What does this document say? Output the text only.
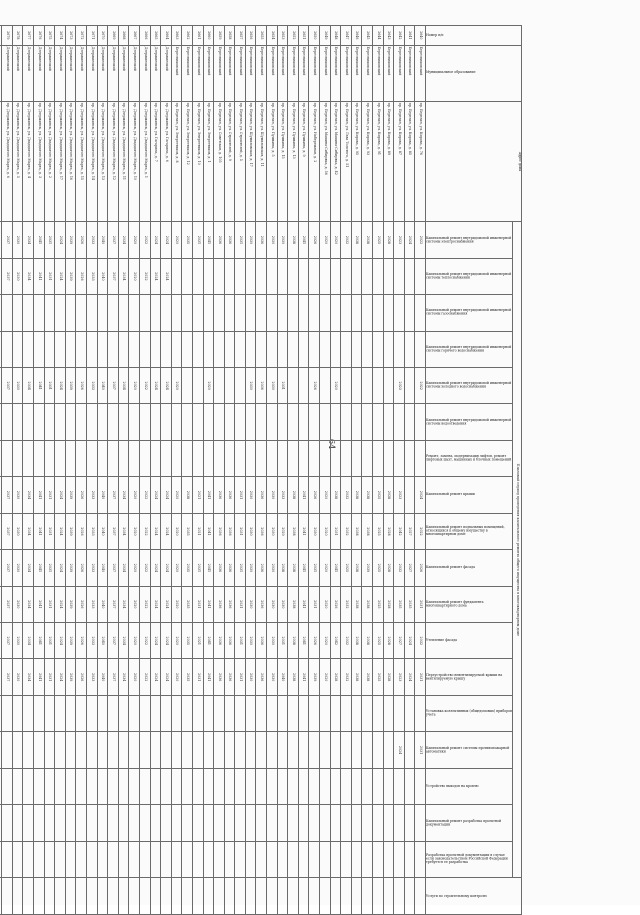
64
Номер п/п	Муниципальное образование	Адрес дома	Плановый период проведения капитального ремонта общего имущества в многоквартирном доме																		Услуги по строительному контролю

			Капитальный ремонт внутридомовой инженерной системы электроснабжения	Капитальный ремонт внутридомовой инженерной системы теплоснабжения	Капитальный ремонт внутридомовой инженерной системы газоснабжения	Капитальный ремонт внутридомовой инженерной системы горячего водоснабжения	Капитальный ремонт внутридомовой инженерной системы холодного водоснабжения	Капитальный ремонт внутридомовой инженерной системы водоотведения	Ремонт, замена, модернизация лифтов, ремонт лифтовых шахт, машинных и блочных помещений	Капитальный ремонт крыши	Капитальный ремонт подвальных помещений, относящихся к общему имуществу в многоквартирном доме	Капитальный ремонт фасада	Капитальный ремонт фундамента многоквартирного дома	Утепление фасада	Переустройство невентилируемой крыши на вентилируемую крышу	Установка коллективных (общедомовых) приборов учета	Капитальный ремонт системы противопожарной автоматики	Устройство выходов на кровлю	Капитальный ремонт разработка проектной документации	Разработка проектной документации в случае если законодательством Российской Федерации требуется ее разработка	

2640	Березниковский	пр. Березин, ул. Кирова, д. 76	2022				2022			2024	2022	2026	2031	2032	2031		2031				
2641	Березниковский	пр. Березин, ул. Кирова, д. 85	2024								2027	2027	2035	2024	2024						
2642	Березниковский	пр. Березин, ул. Кирова, д. 87	2023				2023			2023	2042	2032	2035	2027	2023		2024				
2643	Березниковский	пр. Березин, ул. Кирова, д. 89	2028							2028	2028	2028	2028	2028	2028						
2644	Березниковский	пр. Березин, ул. Кирова, д. 91	2025							2025	2025	2025	2025	2025	2025						
2645	Березниковский	пр. Березин, ул. Кирова, д. 93	2038							2038	2038	2039	2038	2038	2038						
2646	Березниковский	пр. Березин, ул. Кирова, д. 95	2038							2038	2038	2038	2038	2038	2038						
2647	Березниковский	пр. Березин, ул. Льва Толстого, д. 51	2032							2032	2032	2025	2032	2032	2032						
2648	Березниковский	пр. Березин, ул. Мамина-Сибиряка, д. 42	2020				2020			2038	2031	2041	2026	2042	2028						
2649	Березниковский	пр. Березин, ул. Мамина-Сибиряка, д. 56	2020							2020	2020	2020	2020	2020	2020						
2650	Березниковский	пр. Березин, ул. Набережная, д. 2	2026				2026			2026	2030	2031	2031	2026	2039						
2651	Березниковский	пр. Березин, ул. Пушкина, д. 9	2041							2041	2041	2041	2041	2041	2041						
2652	Березниковский	пр. Березин, ул. Пушкина, д. 13	2038							2038	2038	2038	2038	2038	2038						
2653	Березниковский	пр. Березин, ул. Пушкина, д. 15	2030				2031			2033	2029	2038	2030	2031	2040						
2654	Березниковский	пр. Березин, ул. Пушкина, д. 5	2030				2030			2030	2030	2030	2030	2030	2030						
2655	Березниковский	пр. Березин, ул. Шумиловская, д. 11	2036				2036			2036	2036	2036	2036	2036	2036						
2656	Березниковский	пр. Березин, ул. Шумиловская, д. 17	2030				2030			2030	2030	2030	2030	2030	2030						
2657	Березниковский	пр. Березин, ул. Строителей, д. 5	2031							2031	2031	2031	2031	2031	2031						
2658	Березниковский	пр. Березин, ул. Строителей, д. 9	2036							2036	2036	2036	2036	2036	2036						
2659	Березниковский	пр. Березин, ул. Советская, д. 105	2036							2036	2036	2036	2036	2036	2036						
2660	Березниковский	пр. Березин, ул. Энергетиков, д. 1	2041				2020			2041	2041	2041	2041	2041	2041						
2661	Березниковский	пр. Березин, ул. Энергетиков, д. 10	2031							2021	2021	2031	2031	2021	2031						
2662	Березниковский	пр. Березин, ул. Энергетиков, д. 12	2035							2038	2035	2035	2035	2035	2035						
2663	Березниковский	пр. Березин, ул. Энергетиков, д. 8	2020				2020			2020	2020	2020	2020	2020	2020						
2664	Дзержинский	пр. Дзержинск, ул. Гагарина, д. 6	2024	2024			2024			2024	2024	2024	2024	2024	2024						
2665	Дзержинский	пр. Дзержинск, ул. Гагарина, д. 7	2024	2024			2024			2024	2024	2024	2024	2024	2024						
2666	Дзержинский	пр. Дзержинск, ул. Двадцатого Марта, д. 1	2022	2022			2022			2022	2022	2022	2022	2022	2022						
2667	Дзержинский	пр. Дзержинск, ул. Двадцатого Марта, д. 10	2020	2020			2020			2020	2020	2020	2020	2020	2020						
2668	Дзержинский	пр. Дзержинск, ул. Двадцатого Марта, д. 11	2034	2034			2034			2034	2034	2034	2034	2034	2034						
2669	Дзержинский	пр. Дзержинск, ул. Двадцатого Марта, д. 12	2037	2037			2037			2037	2037	2037	2037	2037	2037						
2670	Дзержинский	пр. Дзержинск, ул. Двадцатого Марта, д. 13	2040	2040			2040			2040	2040	2040	2040	2040	2040						
2671	Дзержинский	пр. Дзержинск, ул. Двадцатого Марта, д. 14	2033	2033			2033			2033	2033	2033	2033	2033	2033						
2672	Дзержинский	пр. Дзержинск, ул. Двадцатого Марта, д. 15	2026	2026			2026			2026	2026	2026	2026	2026	2026						
2673	Дзержинский	пр. Дзержинск, ул. Двадцатого Марта, д. 16	2039	2039			2039			2039	2039	2039	2039	2039	2039						
2674	Дзержинский	пр. Дзержинск, ул. Двадцатого Марта, д. 17	2024	2024			2024			2024	2024	2024	2024	2024	2024						
2675	Дзержинский	пр. Дзержинск, ул. Двадцатого Марта, д. 2	2031	2031			2031			2031	2031	2031	2031	2031	2031						
2676	Дзержинский	пр. Дзержинск, ул. Двадцатого Марта, д. 3	2041	2041			2041			2041	2041	2041	2041	2041	2041						
2677	Дзержинский	пр. Дзержинск, ул. Двадцатого Марта, д. 4	2034	2034			2034			2034	2034	2034	2034	2034	2034						
2678	Дзержинский	пр. Дзержинск, ул. Двадцатого Марта, д. 5	2030	2030			2030			2030	2030	2030	2030	2030	2030						
2679	Дзержинский	пр. Дзержинск, ул. Двадцатого Марта, д. 6	2037	2037			2037			2037	2037	2037	2037	2037	2037						
